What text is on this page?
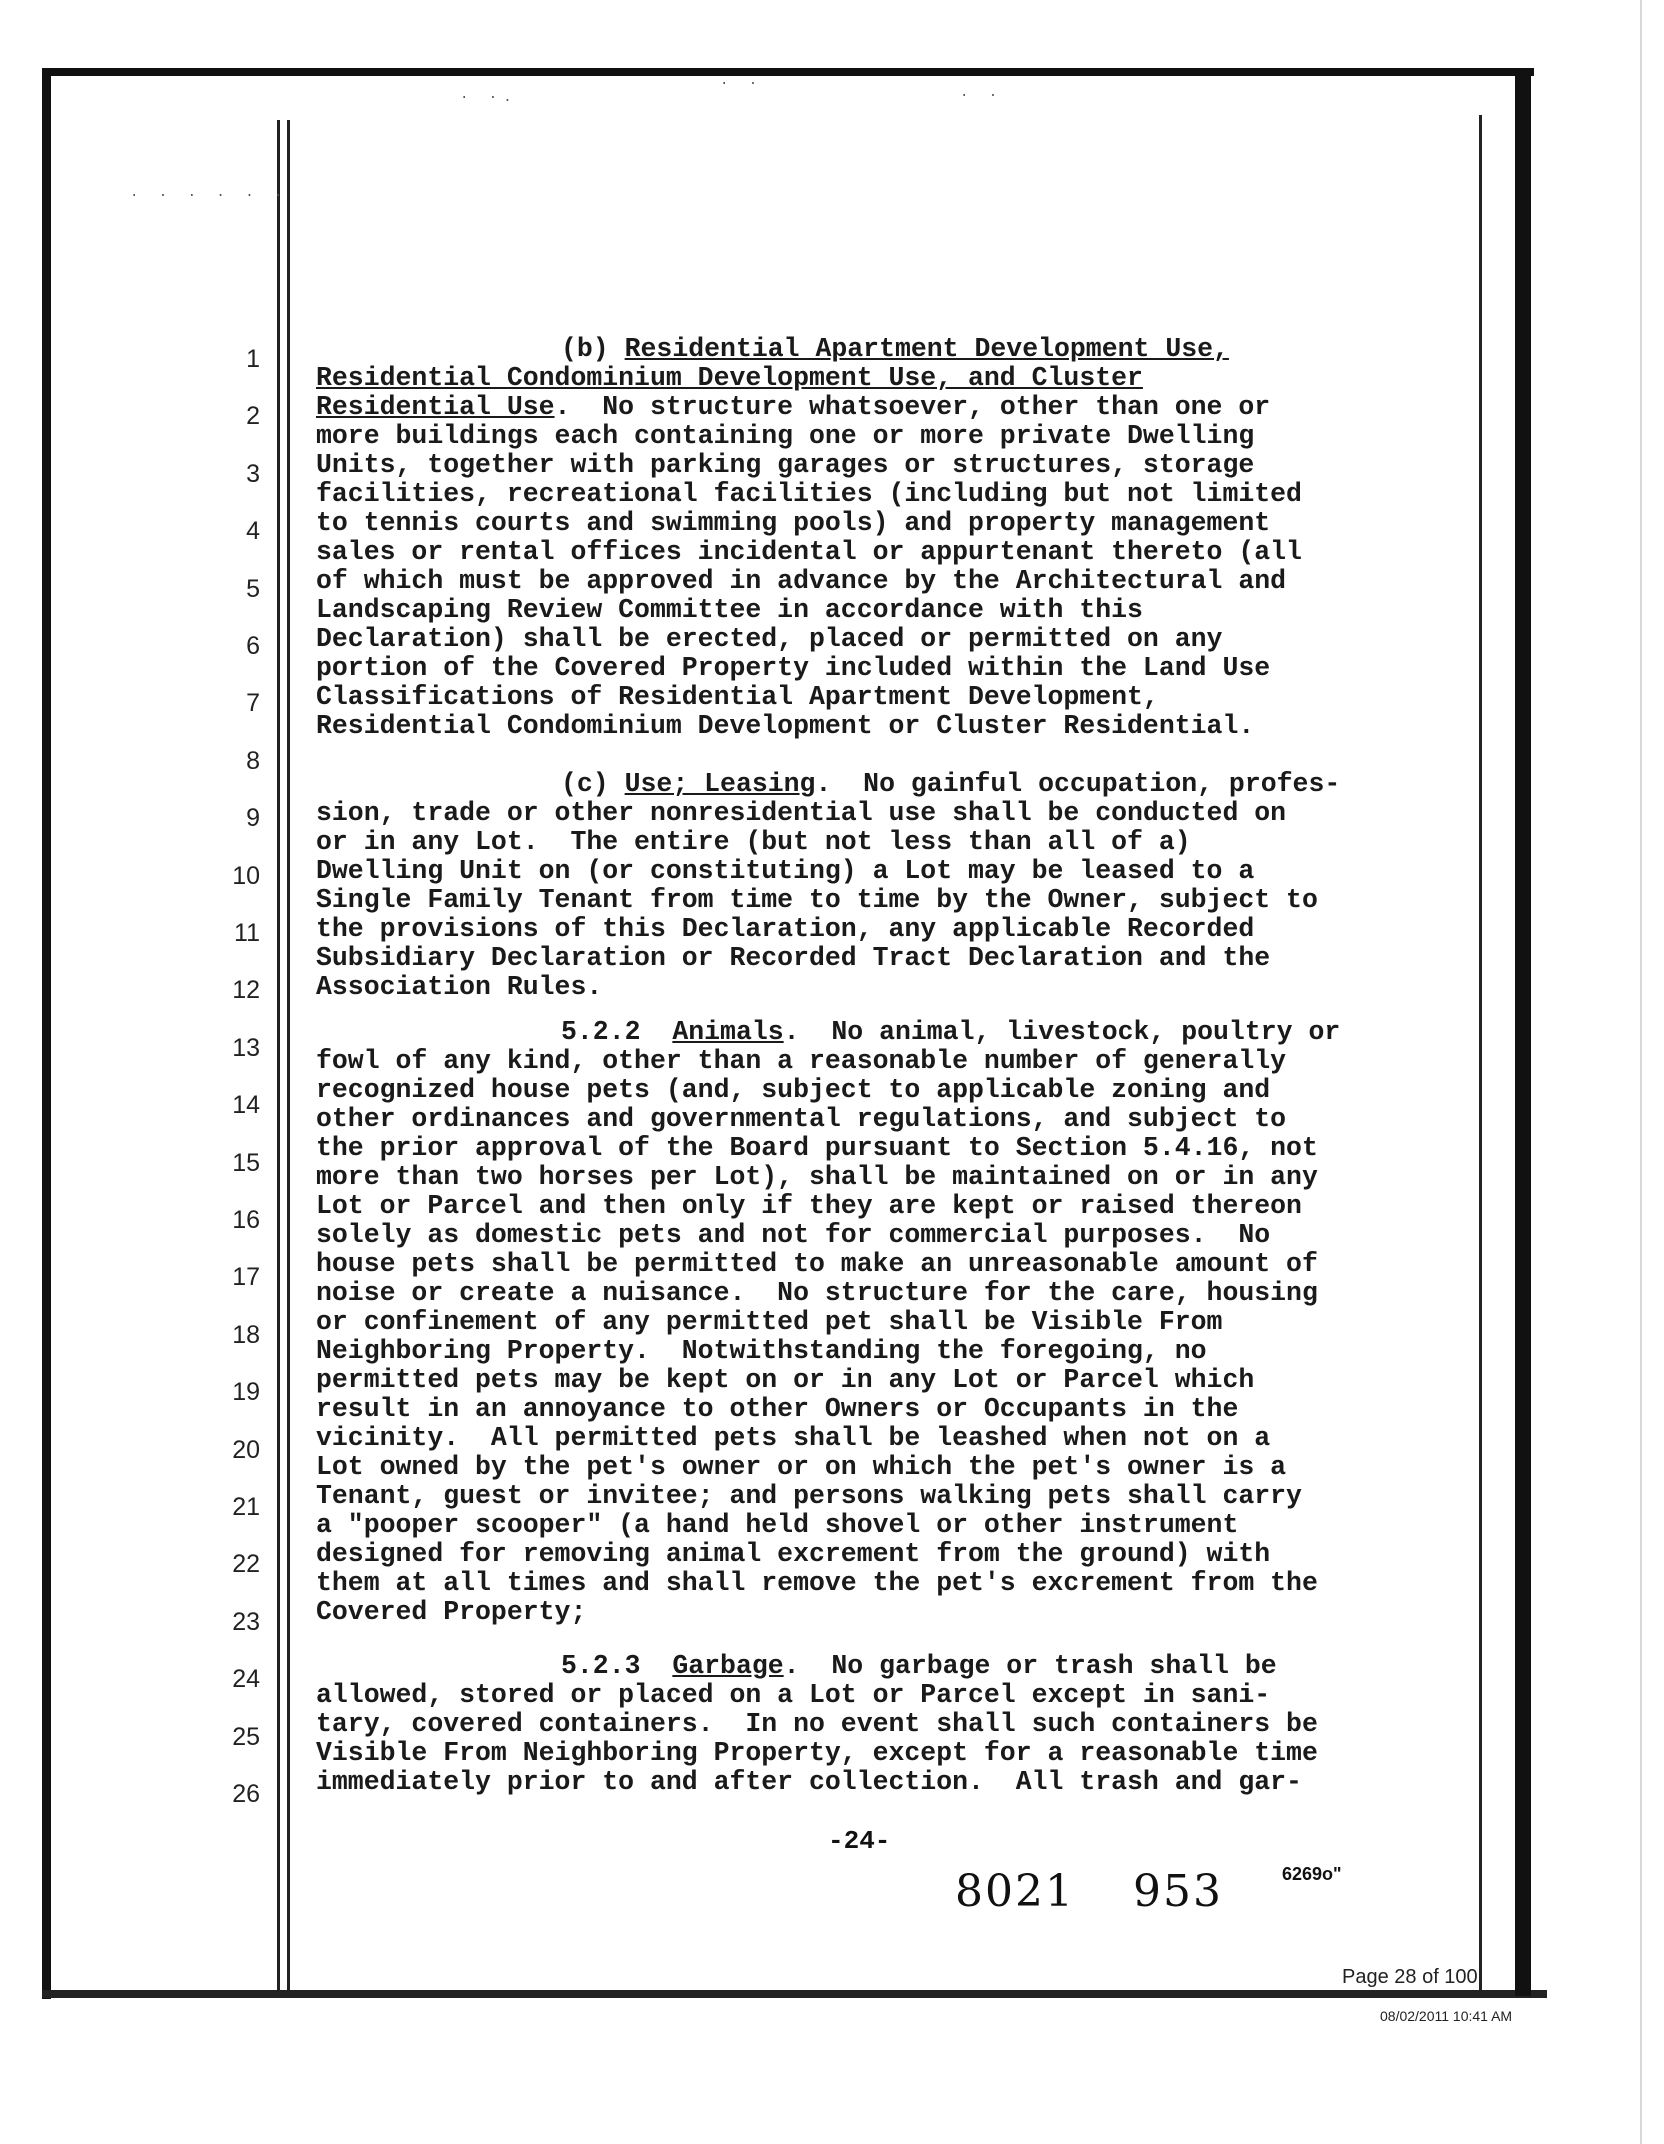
· · · · · ·
· ·.
· ·
· ·
1
2
3
4
5
6
7
8
9
10
11
12
13
14
15
16
17
18
19
20
21
22
23
24
25
26
(b) Residential Apartment Development Use,
Residential Condominium Development Use, and Cluster
Residential Use.  No structure whatsoever, other than one or
more buildings each containing one or more private Dwelling
Units, together with parking garages or structures, storage
facilities, recreational facilities (including but not limited
to tennis courts and swimming pools) and property management
sales or rental offices incidental or appurtenant thereto (all
of which must be approved in advance by the Architectural and
Landscaping Review Committee in accordance with this
Declaration) shall be erected, placed or permitted on any
portion of the Covered Property included within the Land Use
Classifications of Residential Apartment Development,
Residential Condominium Development or Cluster Residential.
(c) Use; Leasing.  No gainful occupation, profes-
sion, trade or other nonresidential use shall be conducted on
or in any Lot.  The entire (but not less than all of a)
Dwelling Unit on (or constituting) a Lot may be leased to a
Single Family Tenant from time to time by the Owner, subject to
the provisions of this Declaration, any applicable Recorded
Subsidiary Declaration or Recorded Tract Declaration and the
Association Rules.
5.2.2  Animals.  No animal, livestock, poultry or
fowl of any kind, other than a reasonable number of generally
recognized house pets (and, subject to applicable zoning and
other ordinances and governmental regulations, and subject to
the prior approval of the Board pursuant to Section 5.4.16, not
more than two horses per Lot), shall be maintained on or in any
Lot or Parcel and then only if they are kept or raised thereon
solely as domestic pets and not for commercial purposes.  No
house pets shall be permitted to make an unreasonable amount of
noise or create a nuisance.  No structure for the care, housing
or confinement of any permitted pet shall be Visible From
Neighboring Property.  Notwithstanding the foregoing, no
permitted pets may be kept on or in any Lot or Parcel which
result in an annoyance to other Owners or Occupants in the
vicinity.  All permitted pets shall be leashed when not on a
Lot owned by the pet's owner or on which the pet's owner is a
Tenant, guest or invitee; and persons walking pets shall carry
a "pooper scooper" (a hand held shovel or other instrument
designed for removing animal excrement from the ground) with
them at all times and shall remove the pet's excrement from the
Covered Property;
5.2.3  Garbage.  No garbage or trash shall be
allowed, stored or placed on a Lot or Parcel except in sani-
tary, covered containers.  In no event shall such containers be
Visible From Neighboring Property, except for a reasonable time
immediately prior to and after collection.  All trash and gar-
-24-
8021 953	6269o"
Page 28 of 100
08/02/2011 10:41 AM
